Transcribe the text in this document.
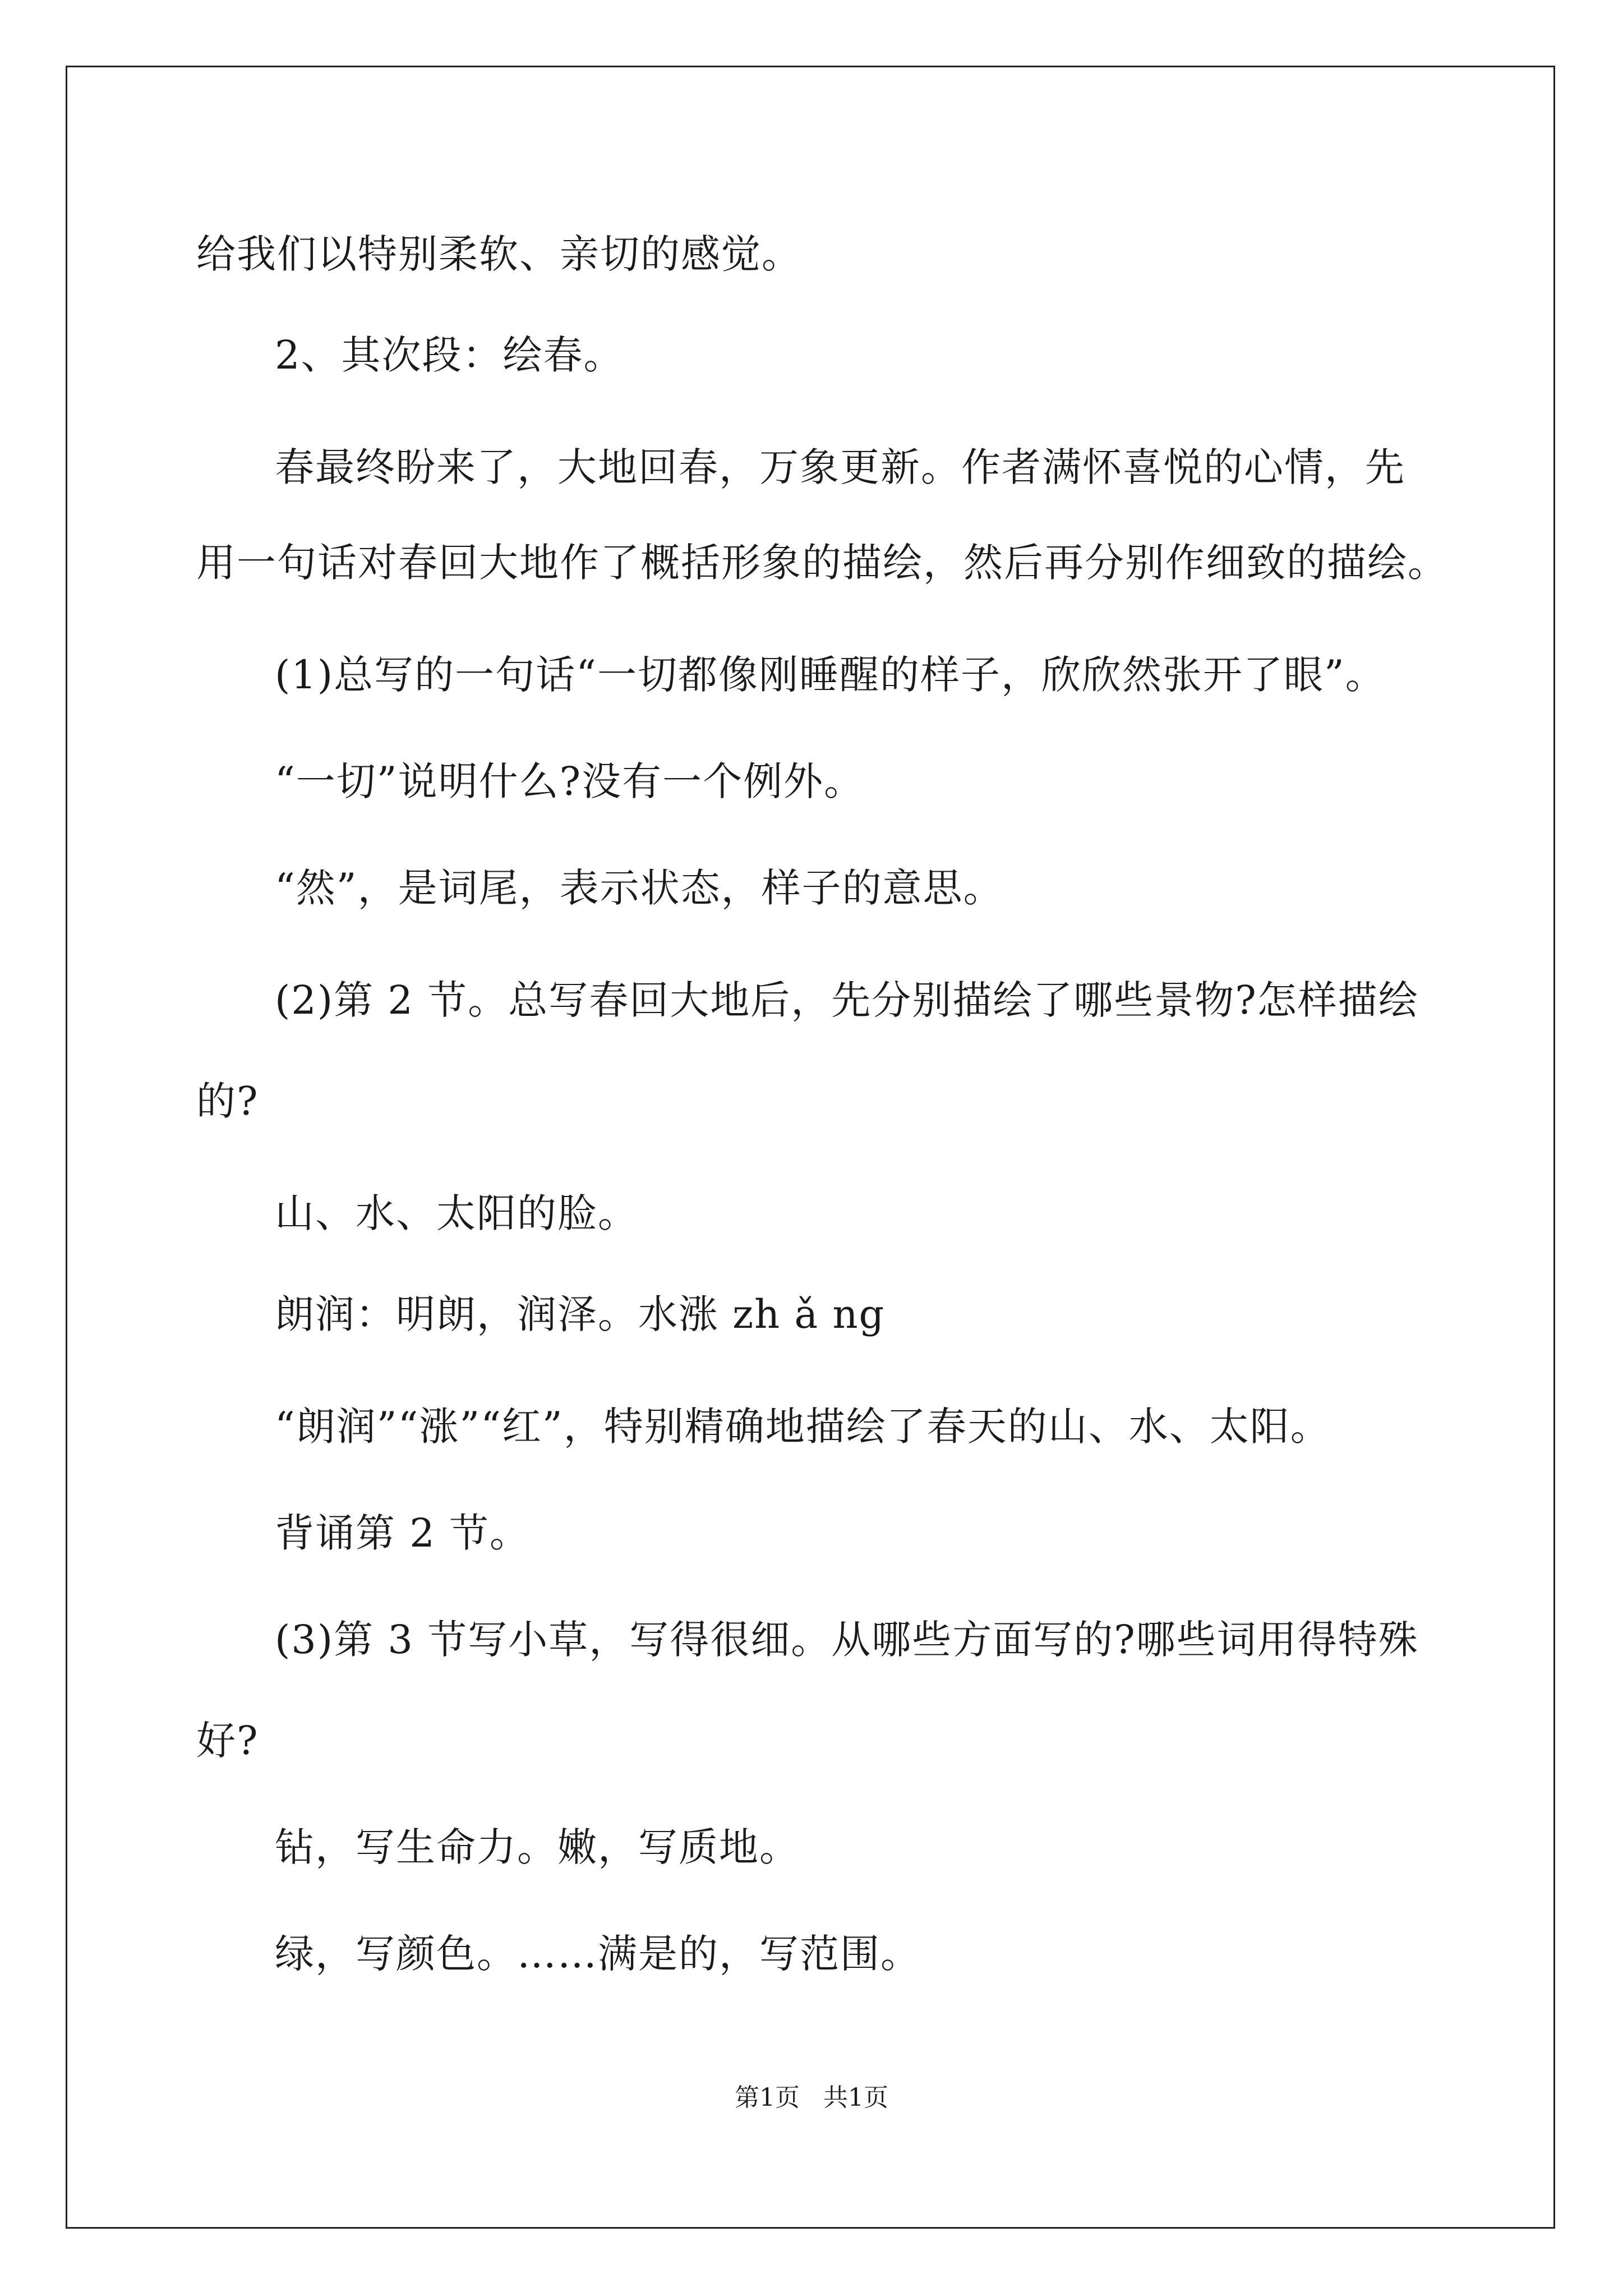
给我们以特别柔软、亲切的感觉。
2、其次段：绘春。
春最终盼来了，大地回春，万象更新。作者满怀喜悦的心情，先
用一句话对春回大地作了概括形象的描绘，然后再分别作细致的描绘。
(1)总写的一句话“一切都像刚睡醒的样子，欣欣然张开了眼”。
“一切”说明什么?没有一个例外。
“然”，是词尾，表示状态，样子的意思。
(2)第 2 节。总写春回大地后，先分别描绘了哪些景物?怎样描绘
的?
山、水、太阳的脸。
朗润：明朗，润泽。水涨 zh ǎ ng
“朗润”“涨”“红”，特别精确地描绘了春天的山、水、太阳。
背诵第 2 节。
(3)第 3 节写小草，写得很细。从哪些方面写的?哪些词用得特殊
好?
钻，写生命力。嫩，写质地。
绿，写颜色。……满是的，写范围。
第1页   共1页
